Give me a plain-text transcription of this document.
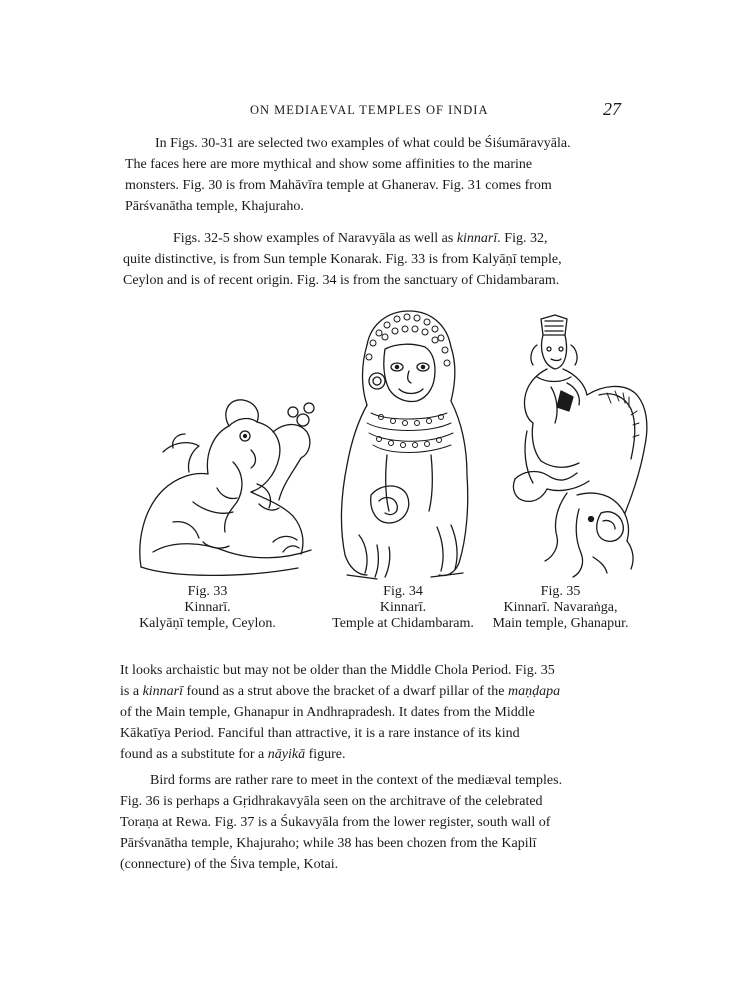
ON MEDIAEVAL TEMPLES OF INDIA	27
In Figs. 30-31 are selected two examples of what could be Śiśumāravyāla.
The faces here are more mythical and show some affinities to the marine
monsters. Fig. 30 is from Mahāvīra temple at Ghanerav. Fig. 31 comes from
Pārśvanātha temple, Khajuraho.
Figs. 32-5 show examples of Naravyāla as well as kinnarī. Fig. 32,
quite distinctive, is from Sun temple Konarak. Fig. 33 is from Kalyāṇī temple,
Ceylon and is of recent origin. Fig. 34 is from the sanctuary of Chidambaram.
Fig. 33
Kinnarī.
Kalyāṇī temple, Ceylon.
Fig. 34
Kinnarī.
Temple at Chidambaram.
Fig. 35
Kinnarī. Navaraṅga,
Main temple, Ghanapur.
It looks archaistic but may not be older than the Middle Chola Period. Fig. 35
is a kinnarī found as a strut above the bracket of a dwarf pillar of the maṇḍapa
of the Main temple, Ghanapur in Andhrapradesh. It dates from the Middle
Kākatīya Period. Fanciful than attractive, it is a rare instance of its kind
found as a substitute for a nāyikā figure.
Bird forms are rather rare to meet in the context of the mediæval temples.
Fig. 36 is perhaps a Gṛidhrakavyāla seen on the architrave of the celebrated
Toraṇa at Rewa. Fig. 37 is a Śukavyāla from the lower register, south wall of
Pārśvanātha temple, Khajuraho; while 38 has been chozen from the Kapilī
(connecture) of the Śiva temple, Kotai.
